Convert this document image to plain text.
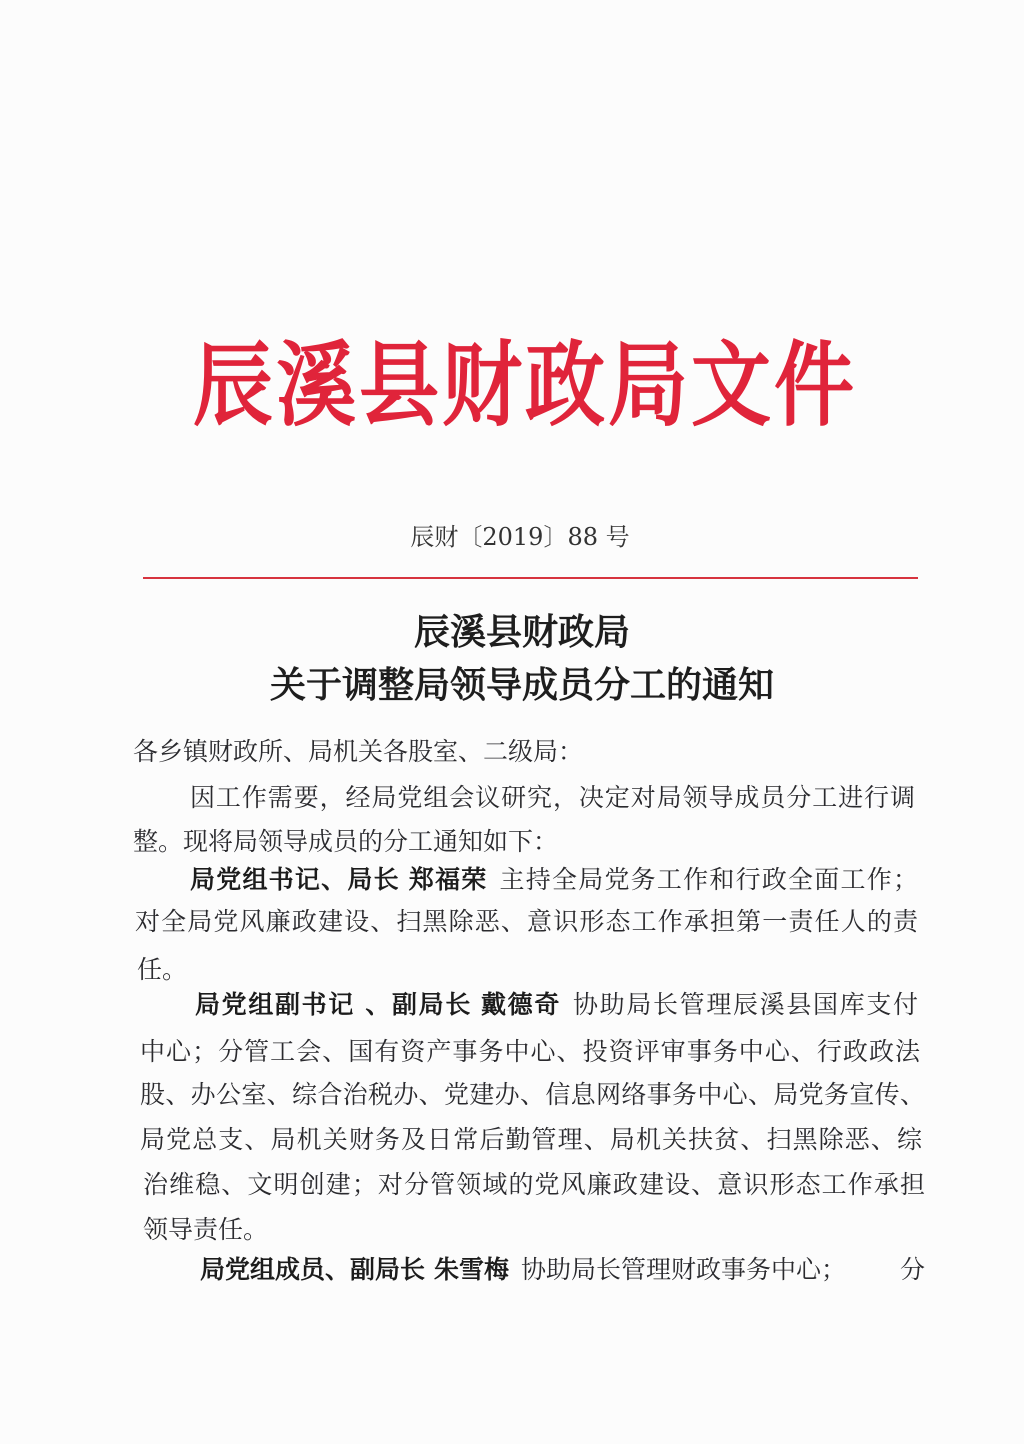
辰溪县财政局文件
辰财〔2019〕88 号
辰溪县财政局
关于调整局领导成员分工的通知
各乡镇财政所、局机关各股室、二级局：
因工作需要，经局党组会议研究，决定对局领导成员分工进行调
整。现将局领导成员的分工通知如下：
局党组书记、局长 郑福荣 主持全局党务工作和行政全面工作；
对全局党风廉政建设、扫黑除恶、意识形态工作承担第一责任人的责
任。
局党组副书记 、副局长 戴德奇 协助局长管理辰溪县国库支付
中心；分管工会、国有资产事务中心、投资评审事务中心、行政政法
股、办公室、综合治税办、党建办、信息网络事务中心、局党务宣传、
局党总支、局机关财务及日常后勤管理、局机关扶贫、扫黑除恶、综
治维稳、文明创建；对分管领域的党风廉政建设、意识形态工作承担
领导责任。
局党组成员、副局长 朱雪梅 协助局长管理财政事务中心； 分
